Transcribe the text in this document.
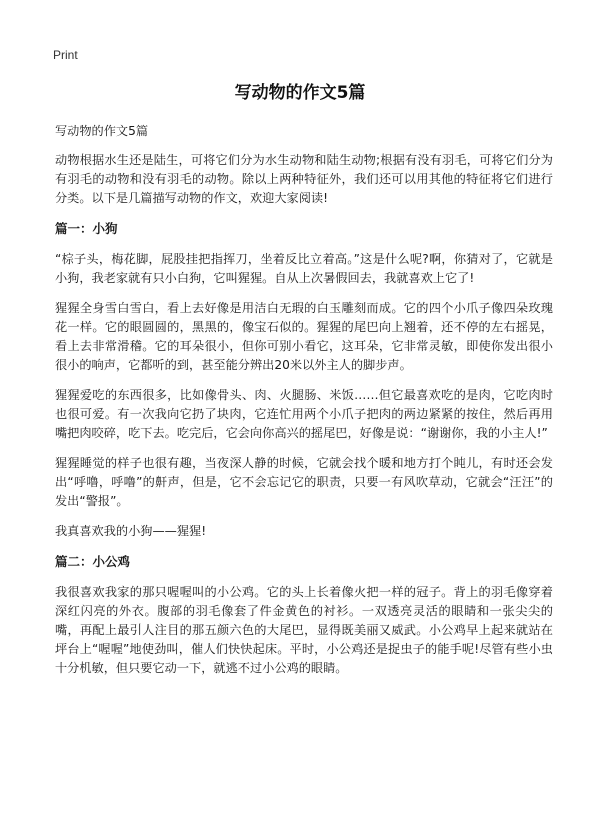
Print
写动物的作文5篇

写动物的作文5篇

动物根据水生还是陆生，可将它们分为水生动物和陆生动物;根据有没有羽毛，可将它们分为有羽毛的动物和没有羽毛的动物。除以上两种特征外，我们还可以用其他的特征将它们进行分类。以下是几篇描写动物的作文，欢迎大家阅读!

篇一：小狗

“棕子头，梅花脚，屁股挂把指挥刀，坐着反比立着高。”这是什么呢?啊，你猜对了，它就是小狗，我老家就有只小白狗，它叫猩猩。自从上次暑假回去，我就喜欢上它了!

猩猩全身雪白雪白，看上去好像是用洁白无瑕的白玉雕刻而成。它的四个小爪子像四朵玫瑰花一样。它的眼圆圆的，黑黑的，像宝石似的。猩猩的尾巴向上翘着，还不停的左右摇晃，看上去非常滑稽。它的耳朵很小，但你可别小看它，这耳朵，它非常灵敏，即使你发出很小很小的响声，它都听的到，甚至能分辨出20米以外主人的脚步声。

猩猩爱吃的东西很多，比如像骨头、肉、火腿肠、米饭……但它最喜欢吃的是肉，它吃肉时也很可爱。有一次我向它扔了块肉，它连忙用两个小爪子把肉的两边紧紧的按住，然后再用嘴把肉咬碎，吃下去。吃完后，它会向你高兴的摇尾巴，好像是说：“谢谢你，我的小主人!”

猩猩睡觉的样子也很有趣，当夜深人静的时候，它就会找个暖和地方打个盹儿，有时还会发出“呼噜，呼噜”的鼾声，但是，它不会忘记它的职责，只要一有风吹草动，它就会“汪汪”的发出“警报”。

我真喜欢我的小狗——猩猩!

篇二：小公鸡

我很喜欢我家的那只喔喔叫的小公鸡。它的头上长着像火把一样的冠子。背上的羽毛像穿着深红闪亮的外衣。腹部的羽毛像套了件金黄色的衬衫。一双透亮灵活的眼睛和一张尖尖的嘴，再配上最引人注目的那五颜六色的大尾巴，显得既美丽又威武。小公鸡早上起来就站在坪台上“喔喔”地使劲叫，催人们快快起床。平时，小公鸡还是捉虫子的能手呢!尽管有些小虫十分机敏，但只要它动一下，就逃不过小公鸡的眼睛。
